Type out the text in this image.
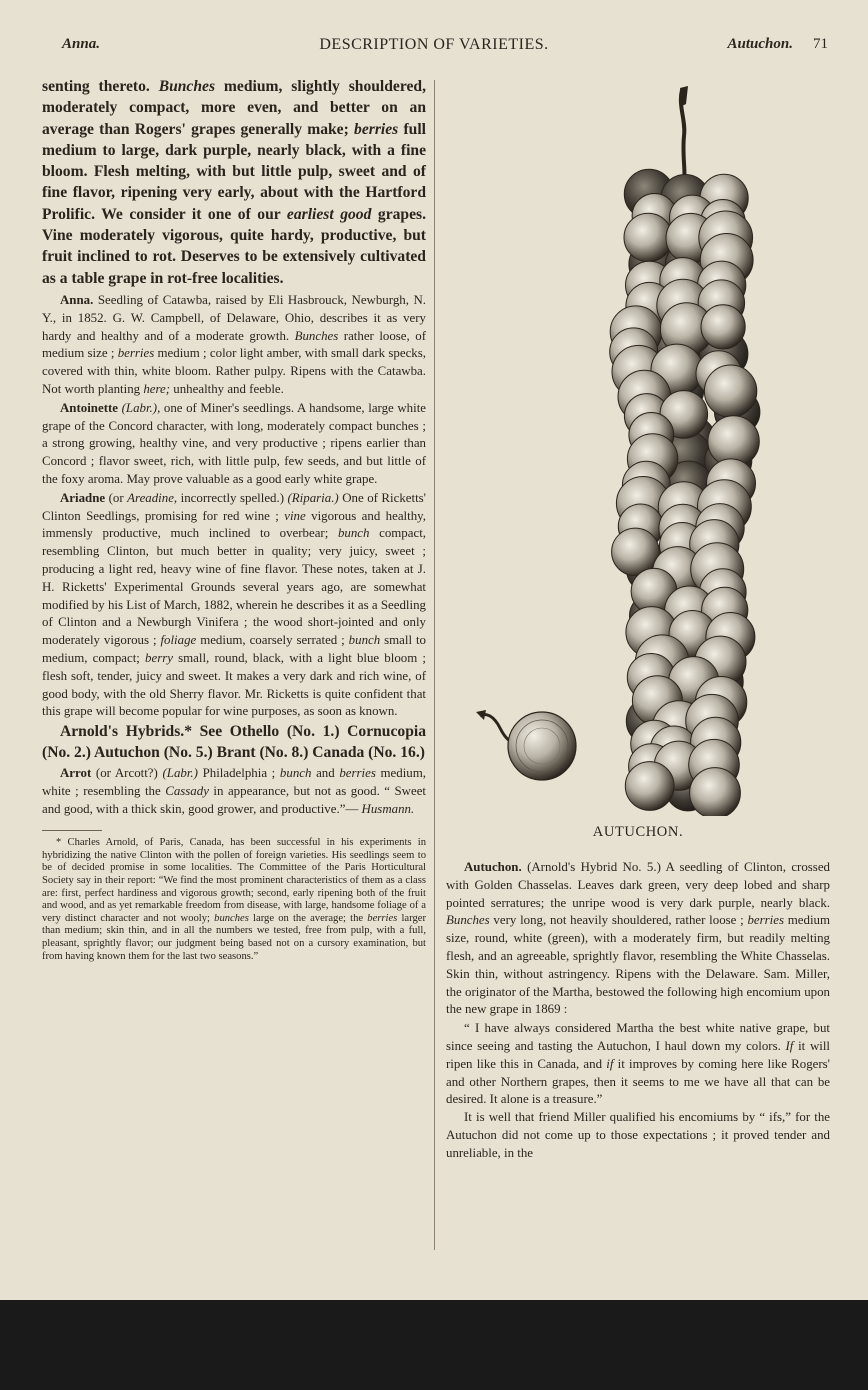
Anna.	DESCRIPTION OF VARIETIES.	Autuchon. 71

senting thereto. Bunches medium, slightly shouldered, moderately compact, more even, and better on an average than Rogers' grapes generally make; berries full medium to large, dark purple, nearly black, with a fine bloom. Flesh melting, with but little pulp, sweet and of fine flavor, ripening very early, about with the Hartford Prolific. We consider it one of our earliest good grapes. Vine moderately vigorous, quite hardy, productive, but fruit inclined to rot. Deserves to be extensively cultivated as a table grape in rot-free localities.

Anna. Seedling of Catawba, raised by Eli Hasbrouck, Newburgh, N. Y., in 1852. G. W. Campbell, of Delaware, Ohio, describes it as very hardy and healthy and of a moderate growth. Bunches rather loose, of medium size ; berries medium ; color light amber, with small dark specks, covered with thin, white bloom. Rather pulpy. Ripens with the Catawba. Not worth planting here; unhealthy and feeble.

Antoinette (Labr.), one of Miner's seedlings. A handsome, large white grape of the Concord character, with long, moderately compact bunches ; a strong growing, healthy vine, and very productive ; ripens earlier than Concord ; flavor sweet, rich, with little pulp, few seeds, and but little of the foxy aroma. May prove valuable as a good early white grape.

Ariadne (or Areadine, incorrectly spelled.) (Riparia.) One of Ricketts' Clinton Seedlings, promising for red wine ; vine vigorous and healthy, immensly productive, much inclined to overbear; bunch compact, resembling Clinton, but much better in quality; very juicy, sweet ; producing a light red, heavy wine of fine flavor. These notes, taken at J. H. Ricketts' Experimental Grounds several years ago, are somewhat modified by his List of March, 1882, wherein he describes it as a Seedling of Clinton and a Newburgh Vinifera ; the wood short-jointed and only moderately vigorous ; foliage medium, coarsely serrated ; bunch small to medium, compact; berry small, round, black, with a light blue bloom ; flesh soft, tender, juicy and sweet. It makes a very dark and rich wine, of good body, with the old Sherry flavor. Mr. Ricketts is quite confident that this grape will become popular for wine purposes, as soon as known.

Arnold's Hybrids.* See Othello (No. 1.) Cornucopia (No. 2.) Autuchon (No. 5.) Brant (No. 8.) Canada (No. 16.)

Arrot (or Arcott?) (Labr.) Philadelphia ; bunch and berries medium, white ; resembling the Cassady in appearance, but not as good. “ Sweet and good, with a thick skin, good grower, and productive.”— Husmann.

* Charles Arnold, of Paris, Canada, has been successful in his experiments in hybridizing the native Clinton with the pollen of foreign varieties. His seedlings seem to be of decided promise in some localities. The Committee of the Paris Horticultural Society say in their report: “We find the most prominent characteristics of them as a class are: first, perfect hardiness and vigorous growth; second, early ripening both of the fruit and wood, and as yet remarkable freedom from disease, with large, handsome foliage of a very distinct character and not wooly; bunches large on the average; the berries larger than medium; skin thin, and in all the numbers we tested, free from pulp, with a full, pleasant, sprightly flavor; our judgment being based not on a cursory examination, but from having known them for the last two seasons.”

AUTUCHON.

Autuchon. (Arnold's Hybrid No. 5.) A seedling of Clinton, crossed with Golden Chasselas. Leaves dark green, very deep lobed and sharp pointed serratures; the unripe wood is very dark purple, nearly black. Bunches very long, not heavily shouldered, rather loose ; berries medium size, round, white (green), with a moderately firm, but readily melting flesh, and an agreeable, sprightly flavor, resembling the White Chasselas. Skin thin, without astringency. Ripens with the Delaware. Sam. Miller, the originator of the Martha, bestowed the following high encomium upon the new grape in 1869 :

“ I have always considered Martha the best white native grape, but since seeing and tasting the Autuchon, I haul down my colors. If it will ripen like this in Canada, and if it improves by coming here like Rogers' and other Northern grapes, then it seems to me we have all that can be desired. It alone is a treasure.”

It is well that friend Miller qualified his encomiums by “ ifs,” for the Autuchon did not come up to those expectations ; it proved tender and unreliable, in the
